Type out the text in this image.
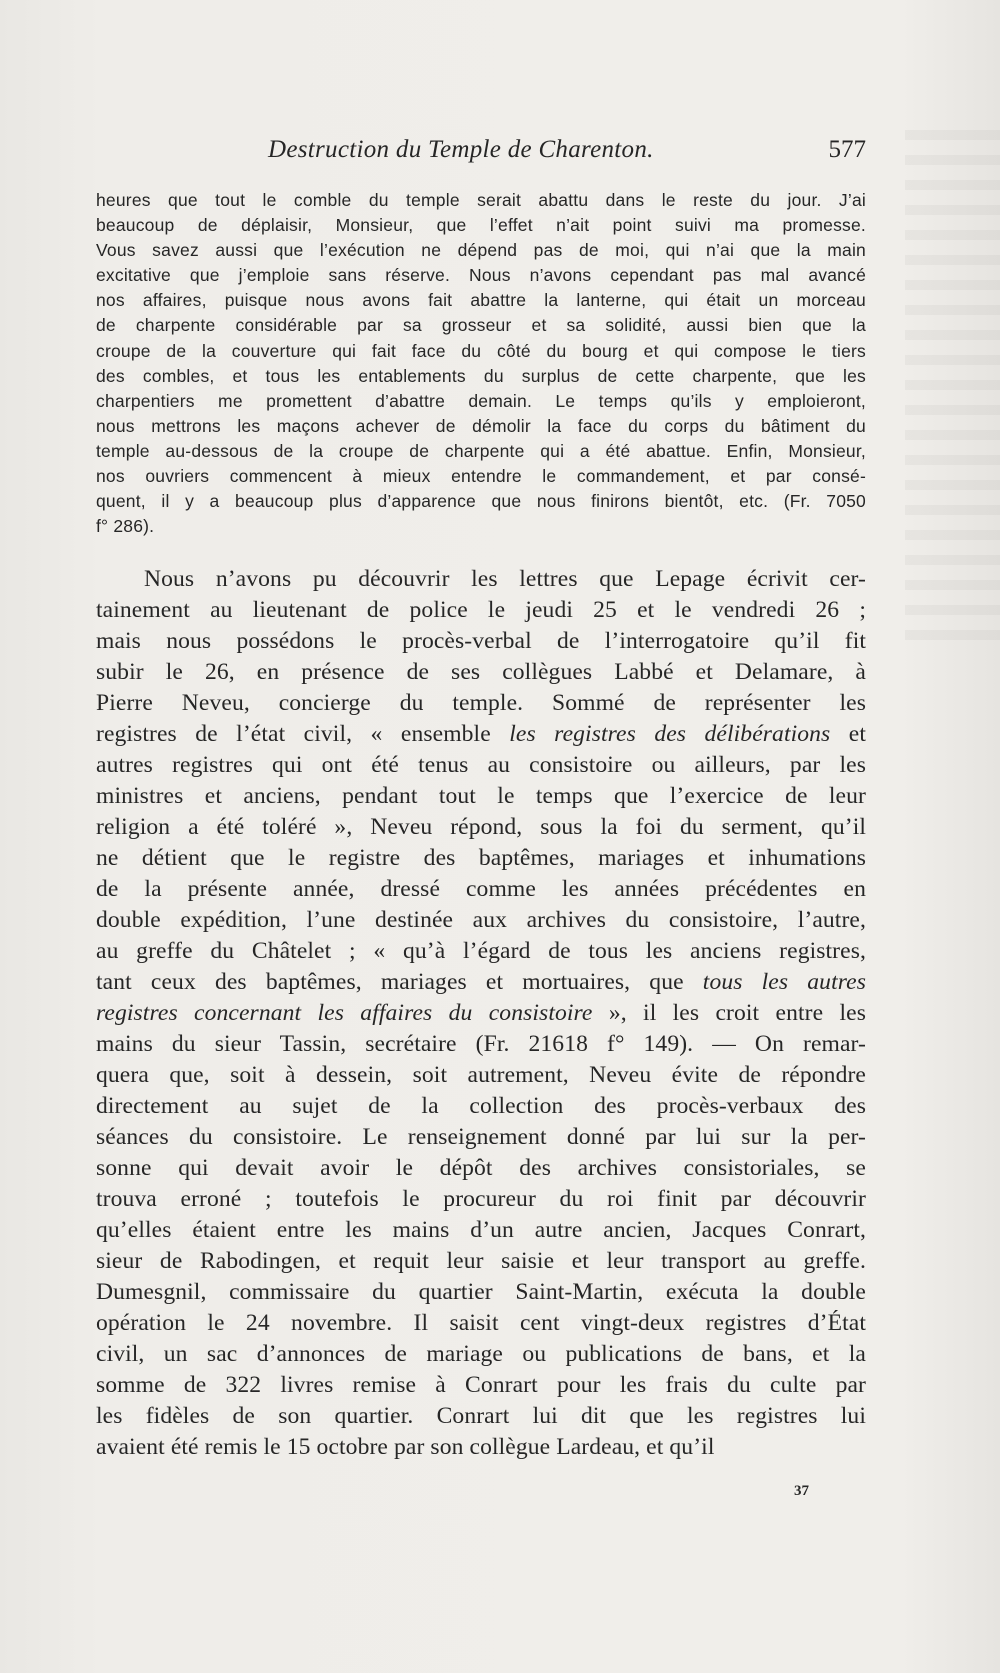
Destruction du Temple de Charenton.	577
heures que tout le comble du temple serait abattu dans le reste du jour. J’ai
beaucoup de déplaisir, Monsieur, que l’effet n’ait point suivi ma promesse.
Vous savez aussi que l’exécution ne dépend pas de moi, qui n’ai que la main
excitative que j’emploie sans réserve. Nous n’avons cependant pas mal avancé
nos affaires, puisque nous avons fait abattre la lanterne, qui était un morceau
de charpente considérable par sa grosseur et sa solidité, aussi bien que la
croupe de la couverture qui fait face du côté du bourg et qui compose le tiers
des combles, et tous les entablements du surplus de cette charpente, que les
charpentiers me promettent d’abattre demain. Le temps qu’ils y emploieront,
nous mettrons les maçons achever de démolir la face du corps du bâtiment du
temple au-dessous de la croupe de charpente qui a été abattue. Enfin, Monsieur,
nos ouvriers commencent à mieux entendre le commandement, et par consé-
quent, il y a beaucoup plus d’apparence que nous finirons bientôt, etc. (Fr. 7050
f° 286).
Nous n’avons pu découvrir les lettres que Lepage écrivit cer-
tainement au lieutenant de police le jeudi 25 et le vendredi 26 ;
mais nous possédons le procès-verbal de l’interrogatoire qu’il fit
subir le 26, en présence de ses collègues Labbé et Delamare, à
Pierre Neveu, concierge du temple. Sommé de représenter les
registres de l’état civil, « ensemble les registres des délibérations et
autres registres qui ont été tenus au consistoire ou ailleurs, par les
ministres et anciens, pendant tout le temps que l’exercice de leur
religion a été toléré », Neveu répond, sous la foi du serment, qu’il
ne détient que le registre des baptêmes, mariages et inhumations
de la présente année, dressé comme les années précédentes en
double expédition, l’une destinée aux archives du consistoire, l’autre,
au greffe du Châtelet ; « qu’à l’égard de tous les anciens registres,
tant ceux des baptêmes, mariages et mortuaires, que tous les autres
registres concernant les affaires du consistoire », il les croit entre les
mains du sieur Tassin, secrétaire (Fr. 21618 f° 149). — On remar-
quera que, soit à dessein, soit autrement, Neveu évite de répondre
directement au sujet de la collection des procès-verbaux des
séances du consistoire. Le renseignement donné par lui sur la per-
sonne qui devait avoir le dépôt des archives consistoriales, se
trouva erroné ; toutefois le procureur du roi finit par découvrir
qu’elles étaient entre les mains d’un autre ancien, Jacques Conrart,
sieur de Rabodingen, et requit leur saisie et leur transport au greffe.
Dumesgnil, commissaire du quartier Saint-Martin, exécuta la double
opération le 24 novembre. Il saisit cent vingt-deux registres d’État
civil, un sac d’annonces de mariage ou publications de bans, et la
somme de 322 livres remise à Conrart pour les frais du culte par
les fidèles de son quartier. Conrart lui dit que les registres lui
avaient été remis le 15 octobre par son collègue Lardeau, et qu’il
37
